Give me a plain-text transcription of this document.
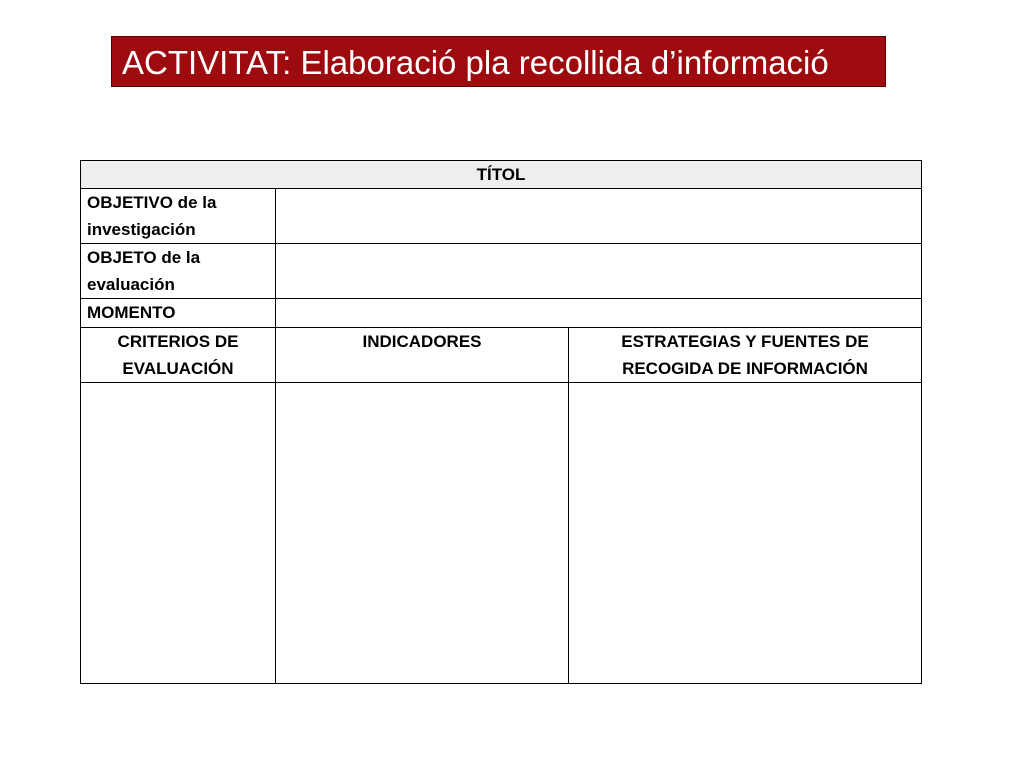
ACTIVITAT: Elaboració pla recollida d’informació
TÍTOL		
OBJETIVO de la investigación		
OBJETO de la evaluación		
MOMENTO		
CRITERIOS DE EVALUACIÓN	INDICADORES	ESTRATEGIAS Y FUENTES DE RECOGIDA DE INFORMACIÓN
